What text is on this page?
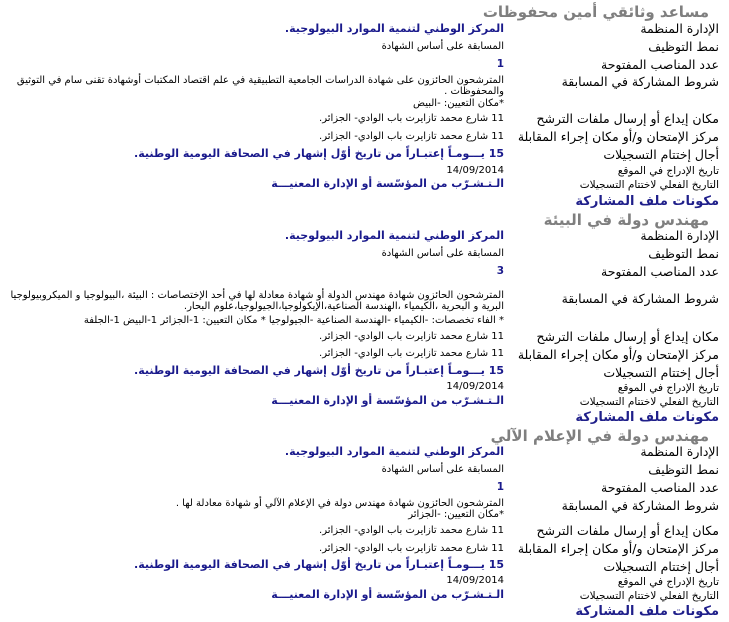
مساعد وثائقي أمين محفوظات
الإدارة المنظمة
المركز الوطني لتنمية الموارد البيولوجية.
نمط التوظيف
المسابقة على أساس الشهادة
عدد المناصب المفتوحة
1
شروط المشاركة في المسابقة
المترشحون الحائزون على شهادة الدراسات الجامعية التطبيقية في علم اقتصاد المكتبات أوشهادة تقنى سام في التوثيق والمحفوظات .
*مكان التعيين: -البيض
مكان إيداع أو إرسال ملفات الترشح
11 شارع محمد تازايرت باب الوادي- الجزائر.
مركز الإمتحان و/أو مكان إجراء المقابلة
11 شارع محمد تازايرت باب الوادي- الجزائر.
أجال إختتام التسجيلات
15 يـــومـاً إعتبـاراً من تاريخ أوّل إشهار في الصحافة اليومية الوطنية.
تاريخ الإدراج في الموقع
14/09/2014
التاريخ الفعلي لاختتام التسجيلات
الـتـشـرّب من المؤسّسة أو الإدارة المعنيـــة
مكونات ملف المشاركة
مهندس دولة في البيئة
الإدارة المنظمة
المركز الوطني لتنمية الموارد البيولوجية.
نمط التوظيف
المسابقة على أساس الشهادة
عدد المناصب المفتوحة
3
شروط المشاركة في المسابقة
المترشحون الحائزون شهادة مهندس الدولة أو شهادة معادلة لها في أحد الإختصاصات : البيئة ،البيولوجيا و الميكروبيولوجيا البرية و البحرية ،الكيمياء ،الهندسة الصناعية،الإيكولوجيا،الجيولوجيا،علوم البحار.
* الفاء تخصصات: -الكيمياء -الهندسة الصناعية -الجيولوجيا * مكان التعيين: 1-الجزائر 1-البيض 1-الجلفة
مكان إيداع أو إرسال ملفات الترشح
11 شارع محمد تازايرت باب الوادي- الجزائر.
مركز الإمتحان و/أو مكان إجراء المقابلة
11 شارع محمد تازايرت باب الوادي- الجزائر.
أجال إختتام التسجيلات
15 يـــومـاً إعتبـاراً من تاريخ أوّل إشهار في الصحافة اليومية الوطنية.
تاريخ الإدراج في الموقع
14/09/2014
التاريخ الفعلي لاختتام التسجيلات
الـتـشـرّب من المؤسّسة أو الإدارة المعنيـــة
مكونات ملف المشاركة
مهندس دولة في الإعلام الآلي
الإدارة المنظمة
المركز الوطني لتنمية الموارد البيولوجية.
نمط التوظيف
المسابقة على أساس الشهادة
عدد المناصب المفتوحة
1
شروط المشاركة في المسابقة
المترشحون الحائزون شهادة مهندس دولة في الإعلام الآلي أو شهادة معادلة لها .
*مكان التعيين: -الجزائر
مكان إيداع أو إرسال ملفات الترشح
11 شارع محمد تازايرت باب الوادي- الجزائر.
مركز الإمتحان و/أو مكان إجراء المقابلة
11 شارع محمد تازايرت باب الوادي- الجزائر.
أجال إختتام التسجيلات
15 يـــومـاً إعتبـاراً من تاريخ أوّل إشهار في الصحافة اليومية الوطنية.
تاريخ الإدراج في الموقع
14/09/2014
التاريخ الفعلي لاختتام التسجيلات
الـتـشـرّب من المؤسّسة أو الإدارة المعنيـــة
مكونات ملف المشاركة
